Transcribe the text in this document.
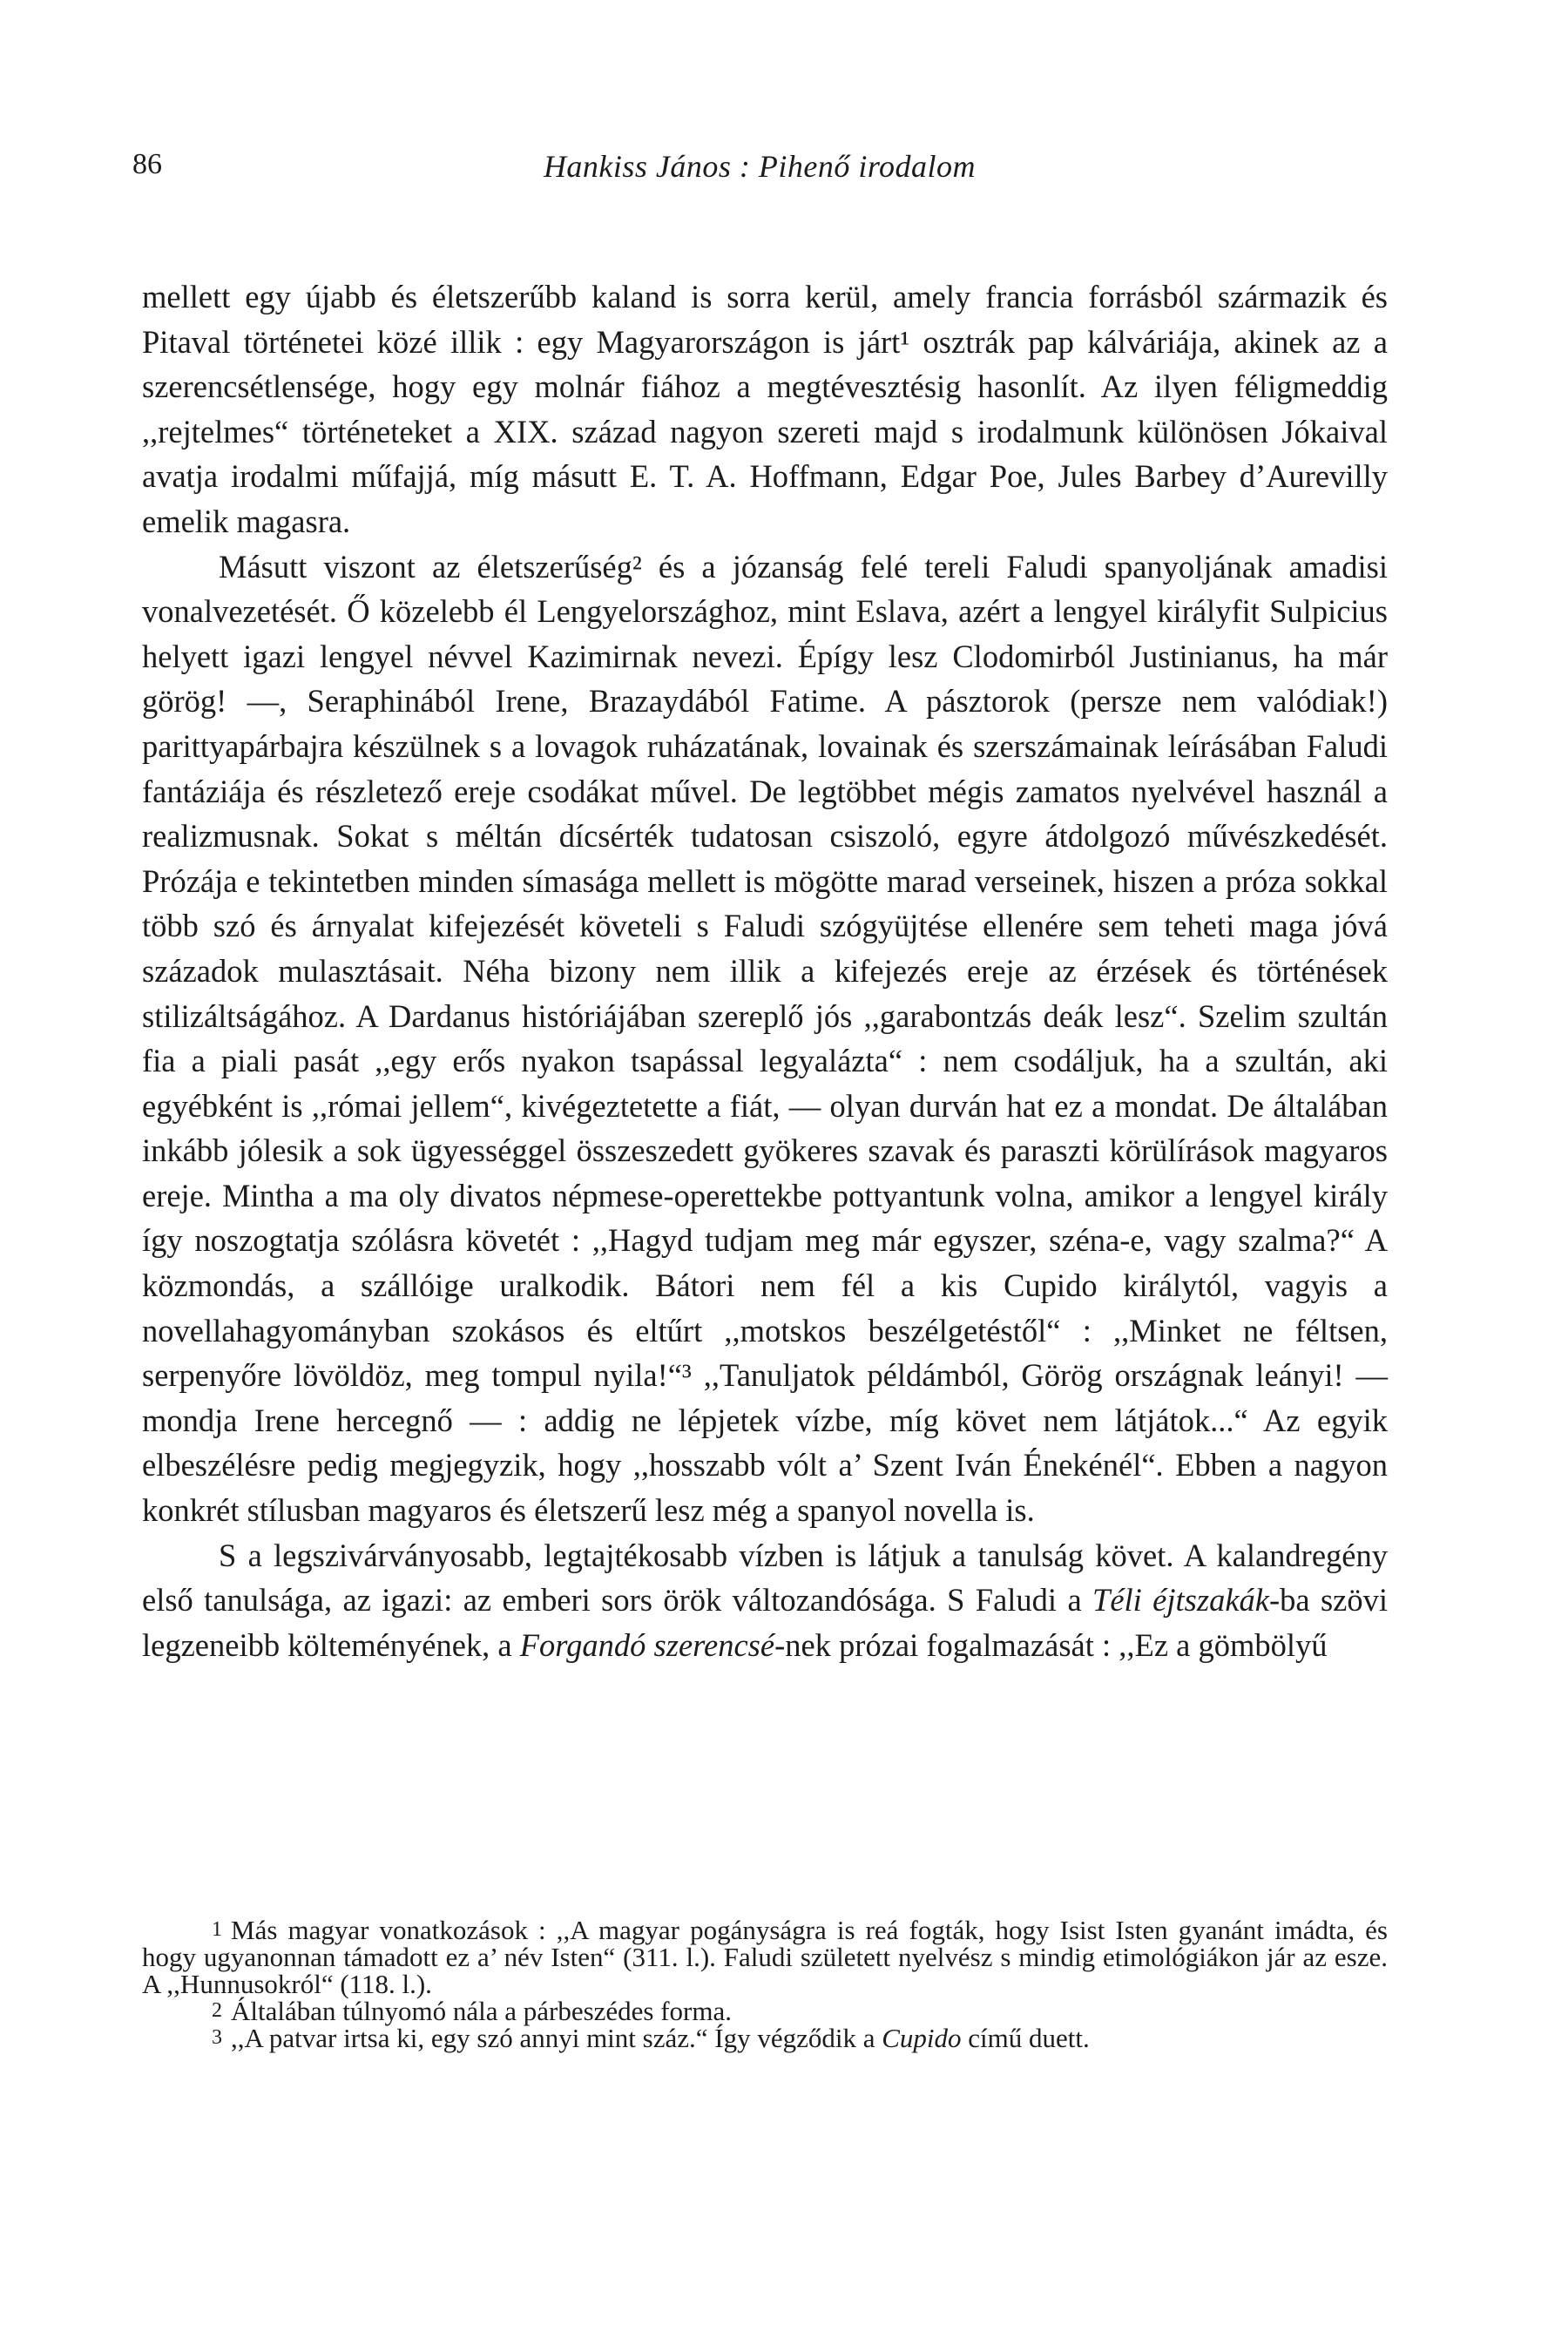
86	Hankiss János : Pihenő irodalom

mellett egy újabb és életszerűbb kaland is sorra kerül, amely francia forrásból származik és Pitaval történetei közé illik : egy Magyarországon is járt¹ osztrák pap kálváriája, akinek az a szerencsétlensége, hogy egy molnár fiához a megtévesztésig hasonlít. Az ilyen féligmeddig ,,rejtelmes“ történeteket a XIX. század nagyon szereti majd s irodalmunk különösen Jókaival avatja irodalmi műfajjá, míg másutt E. T. A. Hoffmann, Edgar Poe, Jules Barbey d’Aurevilly emelik magasra.

Másutt viszont az életszerűség² és a józanság felé tereli Faludi spanyoljának amadisi vonalvezetését. Ő közelebb él Lengyelországhoz, mint Eslava, azért a lengyel királyfit Sulpicius helyett igazi lengyel névvel Kazimirnak nevezi. Épígy lesz Clodomirból Justinianus, ha már görög! —, Seraphinából Irene, Brazaydából Fatime. A pásztorok (persze nem valódiak!) parittyapárbajra készülnek s a lovagok ruházatának, lovainak és szerszámainak leírásában Faludi fantáziája és részletező ereje csodákat művel. De legtöbbet mégis zamatos nyelvével használ a realizmusnak. Sokat s méltán dícsérték tudatosan csiszoló, egyre átdolgozó művészkedését. Prózája e tekintetben minden símasága mellett is mögötte marad verseinek, hiszen a próza sokkal több szó és árnyalat kifejezését követeli s Faludi szógyüjtése ellenére sem teheti maga jóvá századok mulasztásait. Néha bizony nem illik a kifejezés ereje az érzések és történések stilizáltságához. A Dardanus históriájában szereplő jós ,,garabontzás deák lesz“. Szelim szultán fia a piali pasát ,,egy erős nyakon tsapással legyalázta“ : nem csodáljuk, ha a szultán, aki egyébként is ,,római jellem“, kivégeztetette a fiát, — olyan durván hat ez a mondat. De általában inkább jólesik a sok ügyességgel összeszedett gyökeres szavak és paraszti körülírások magyaros ereje. Mintha a ma oly divatos népmese-operettekbe pottyantunk volna, amikor a lengyel király így noszogtatja szólásra követét : ,,Hagyd tudjam meg már egyszer, széna-e, vagy szalma?“ A közmondás, a szállóige uralkodik. Bátori nem fél a kis Cupido királytól, vagyis a novellahagyományban szokásos és eltűrt ,,motskos beszélgetéstől“ : ,,Minket ne féltsen, serpenyőre lövöldöz, meg tompul nyila!“³ ,,Tanuljatok példámból, Görög országnak leányi! — mondja Irene hercegnő — : addig ne lépjetek vízbe, míg követ nem látjátok...“ Az egyik elbeszélésre pedig megjegyzik, hogy ,,hosszabb vólt a’ Szent Iván Énekénél“. Ebben a nagyon konkrét stílusban magyaros és életszerű lesz még a spanyol novella is.

S a legszivárványosabb, legtajtékosabb vízben is látjuk a tanulság követ. A kalandregény első tanulsága, az igazi: az emberi sors örök változandósága. S Faludi a Téli éjtszakák-ba szövi legzeneibb költeményének, a Forgandó szerencsé-nek prózai fogalmazását : ,,Ez a gömbölyű

1 Más magyar vonatkozások : ,,A magyar pogányságra is reá fogták, hogy Isist Isten gyanánt imádta, és hogy ugyanonnan támadott ez a’ név Isten“ (311. l.). Faludi született nyelvész s mindig etimológiákon jár az esze. A ,,Hunnusokról“ (118. l.).

2 Általában túlnyomó nála a párbeszédes forma.

3 ,,A patvar irtsa ki, egy szó annyi mint száz.“ Így végződik a Cupido című duett.
